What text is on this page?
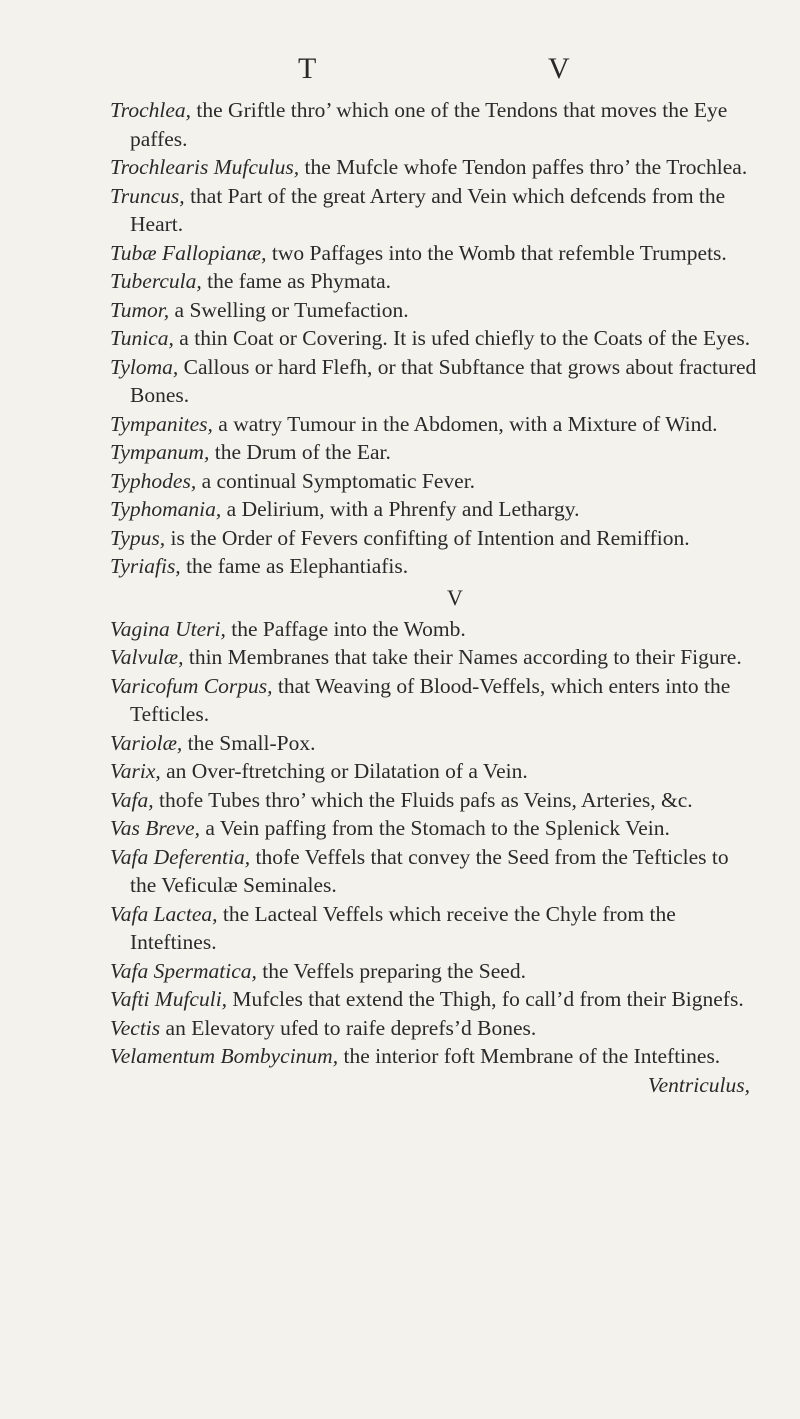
T	V

Trochlea, the Griftle thro’ which one of the Tendons that moves the Eye paffes.

Trochlearis Mufculus, the Mufcle whofe Tendon paffes thro’ the Trochlea.

Truncus, that Part of the great Artery and Vein which defcends from the Heart.

Tubæ Fallopianæ, two Paffages into the Womb that refemble Trumpets.

Tubercula, the fame as Phymata.

Tumor, a Swelling or Tumefaction.

Tunica, a thin Coat or Covering. It is ufed chiefly to the Coats of the Eyes.

Tyloma, Callous or hard Flefh, or that Subftance that grows about fractured Bones.

Tympanites, a watry Tumour in the Abdomen, with a Mixture of Wind.

Tympanum, the Drum of the Ear.

Typhodes, a continual Symptomatic Fever.

Typhomania, a Delirium, with a Phrenfy and Lethargy.

Typus, is the Order of Fevers confifting of Intention and Remiffion.

Tyriafis, the fame as Elephantiafis.

V

Vagina Uteri, the Paffage into the Womb.

Valvulæ, thin Membranes that take their Names according to their Figure.

Varicofum Corpus, that Weaving of Blood-Veffels, which enters into the Tefticles.

Variolæ, the Small-Pox.

Varix, an Over-ftretching or Dilatation of a Vein.

Vafa, thofe Tubes thro’ which the Fluids pafs as Veins, Arteries, &c.

Vas Breve, a Vein paffing from the Stomach to the Splenick Vein.

Vafa Deferentia, thofe Veffels that convey the Seed from the Tefticles to the Veficulæ Seminales.

Vafa Lactea, the Lacteal Veffels which receive the Chyle from the Inteftines.

Vafa Spermatica, the Veffels preparing the Seed.

Vafti Mufculi, Mufcles that extend the Thigh, fo call’d from their Bignefs.

Vectis an Elevatory ufed to raife deprefs’d Bones.

Velamentum Bombycinum, the interior foft Membrane of the Inteftines.

Ventriculus,
